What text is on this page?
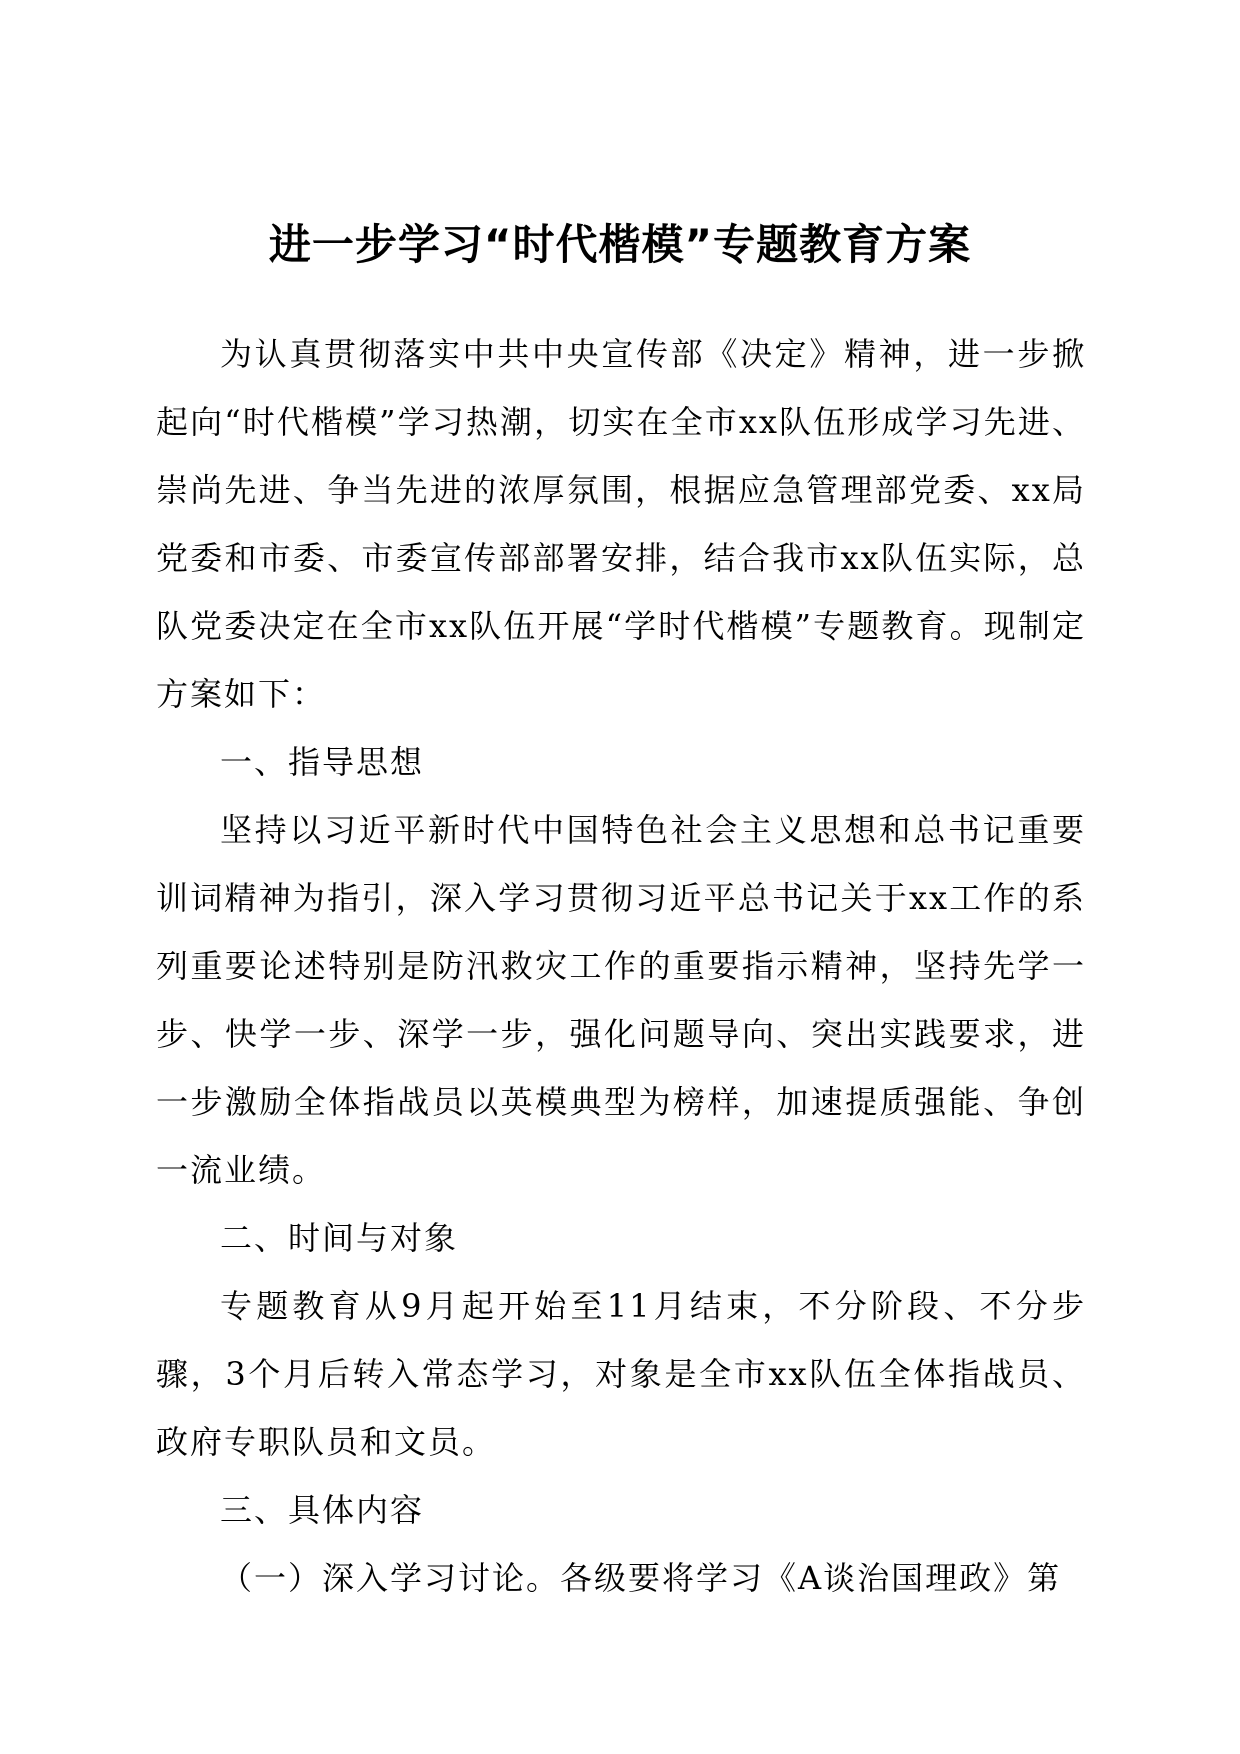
进一步学习“时代楷模”专题教育方案

为认真贯彻落实中共中央宣传部《决定》精神，进一步掀起向“时代楷模”学习热潮，切实在全市xx队伍形成学习先进、崇尚先进、争当先进的浓厚氛围，根据应急管理部党委、xx局党委和市委、市委宣传部部署安排，结合我市xx队伍实际，总队党委决定在全市xx队伍开展“学时代楷模”专题教育。现制定方案如下：

一、指导思想

坚持以习近平新时代中国特色社会主义思想和总书记重要训词精神为指引，深入学习贯彻习近平总书记关于xx工作的系列重要论述特别是防汛救灾工作的重要指示精神，坚持先学一步、快学一步、深学一步，强化问题导向、突出实践要求，进一步激励全体指战员以英模典型为榜样，加速提质强能、争创一流业绩。

二、时间与对象

专题教育从9月起开始至11月结束，不分阶段、不分步骤，3个月后转入常态学习，对象是全市xx队伍全体指战员、政府专职队员和文员。

三、具体内容

（一）深入学习讨论。各级要将学习《A谈治国理政》第
